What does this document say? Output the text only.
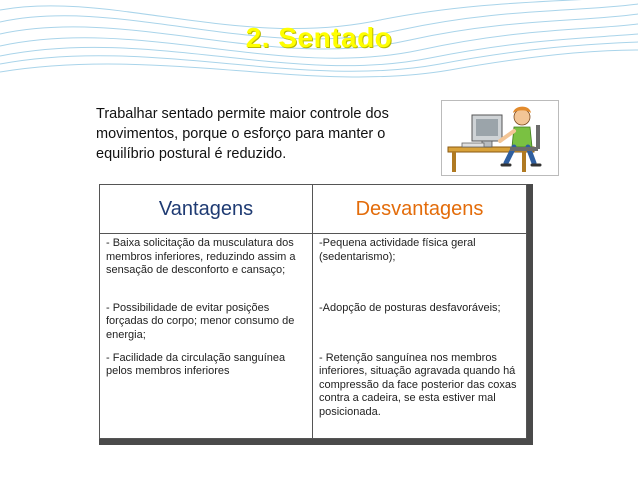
2. Sentado
Trabalhar sentado permite maior controle dos movimentos, porque o esforço para manter o equilíbrio postural é reduzido.
Vantagens	Desvantagens

- Baixa solicitação da musculatura dos membros inferiores, reduzindo assim a sensação de desconforto e cansaço;	-Pequena actividade física geral (sedentarismo);

- Possibilidade de evitar posições forçadas do corpo; menor consumo de energia;	-Adopção de posturas desfavoráveis;

- Facilidade da circulação sanguínea pelos membros inferiores	- Retenção sanguínea nos membros inferiores, situação agravada quando há compressão da face posterior das coxas contra a cadeira, se esta estiver mal posicionada.
